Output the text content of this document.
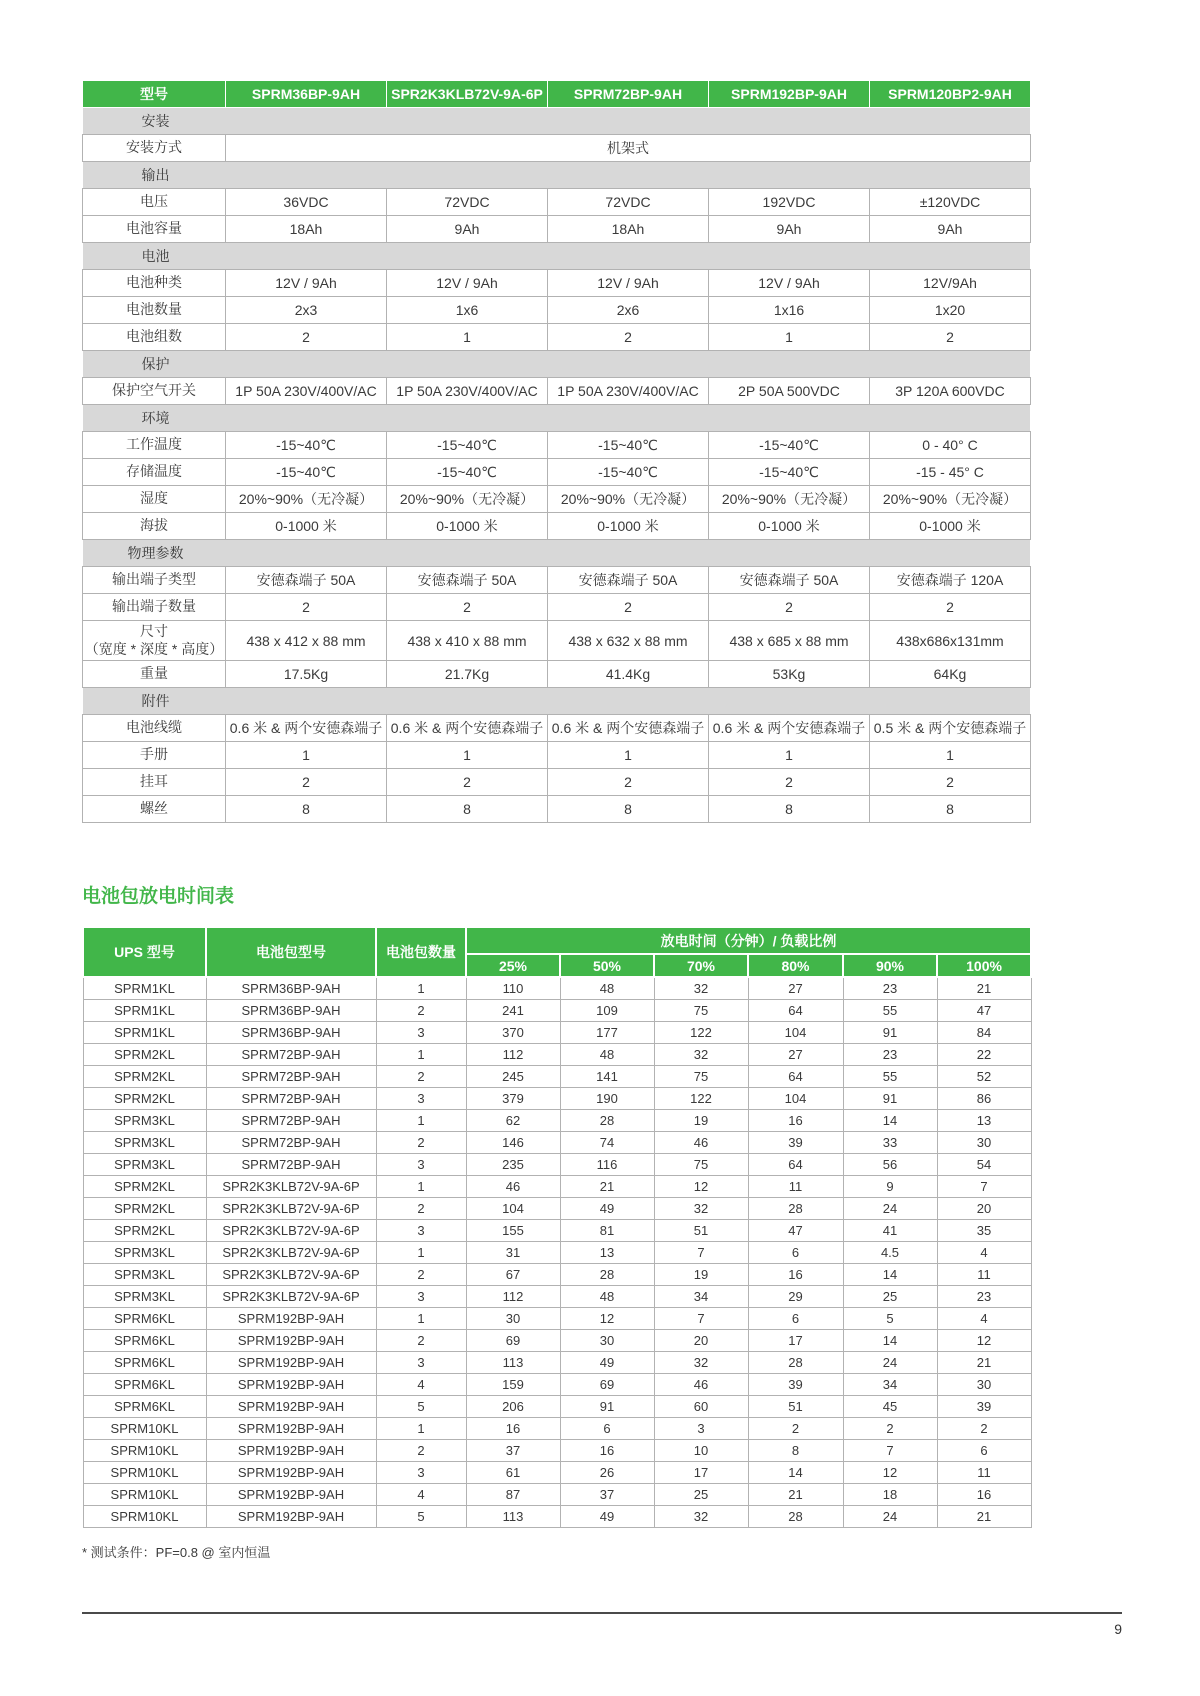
型号	SPRM36BP-9AH	SPR2K3KLB72V-9A-6P	SPRM72BP-9AH	SPRM192BP-9AH	SPRM120BP2-9AH
安装					
安装方式	机架式				
输出					
电压	36VDC	72VDC	72VDC	192VDC	±120VDC
电池容量	18Ah	9Ah	18Ah	9Ah	9Ah
电池					
电池种类	12V / 9Ah	12V / 9Ah	12V / 9Ah	12V / 9Ah	12V/9Ah
电池数量	2x3	1x6	2x6	1x16	1x20
电池组数	2	1	2	1	2
保护					
保护空气开关	1P 50A 230V/400V/AC	1P 50A 230V/400V/AC	1P 50A 230V/400V/AC	2P 50A 500VDC	3P 120A 600VDC
环境					
工作温度	-15~40℃	-15~40℃	-15~40℃	-15~40℃	0 - 40° C
存储温度	-15~40℃	-15~40℃	-15~40℃	-15~40℃	-15 - 45° C
湿度	20%~90%（无冷凝）	20%~90%（无冷凝）	20%~90%（无冷凝）	20%~90%（无冷凝）	20%~90%（无冷凝）
海拔	0-1000 米	0-1000 米	0-1000 米	0-1000 米	0-1000 米
物理参数					
输出端子类型	安德森端子 50A	安德森端子 50A	安德森端子 50A	安德森端子 50A	安德森端子 120A
输出端子数量	2	2	2	2	2
尺寸
（宽度 * 深度 * 高度）	438 x 412 x 88 mm	438 x 410 x 88 mm	438 x 632 x 88 mm	438 x 685 x 88 mm	438x686x131mm
重量	17.5Kg	21.7Kg	41.4Kg	53Kg	64Kg
附件					
电池线缆	0.6 米 & 两个安德森端子	0.6 米 & 两个安德森端子	0.6 米 & 两个安德森端子	0.6 米 & 两个安德森端子	0.5 米 & 两个安德森端子
手册	1	1	1	1	1
挂耳	2	2	2	2	2
螺丝	8	8	8	8	8
电池包放电时间表
UPS 型号	电池包型号	电池包数量	放电时间（分钟）/ 负载比例					
			25%	50%	70%	80%	90%	100%
SPRM1KL	SPRM36BP-9AH	1	110	48	32	27	23	21
SPRM1KL	SPRM36BP-9AH	2	241	109	75	64	55	47
SPRM1KL	SPRM36BP-9AH	3	370	177	122	104	91	84
SPRM2KL	SPRM72BP-9AH	1	112	48	32	27	23	22
SPRM2KL	SPRM72BP-9AH	2	245	141	75	64	55	52
SPRM2KL	SPRM72BP-9AH	3	379	190	122	104	91	86
SPRM3KL	SPRM72BP-9AH	1	62	28	19	16	14	13
SPRM3KL	SPRM72BP-9AH	2	146	74	46	39	33	30
SPRM3KL	SPRM72BP-9AH	3	235	116	75	64	56	54
SPRM2KL	SPR2K3KLB72V-9A-6P	1	46	21	12	11	9	7
SPRM2KL	SPR2K3KLB72V-9A-6P	2	104	49	32	28	24	20
SPRM2KL	SPR2K3KLB72V-9A-6P	3	155	81	51	47	41	35
SPRM3KL	SPR2K3KLB72V-9A-6P	1	31	13	7	6	4.5	4
SPRM3KL	SPR2K3KLB72V-9A-6P	2	67	28	19	16	14	11
SPRM3KL	SPR2K3KLB72V-9A-6P	3	112	48	34	29	25	23
SPRM6KL	SPRM192BP-9AH	1	30	12	7	6	5	4
SPRM6KL	SPRM192BP-9AH	2	69	30	20	17	14	12
SPRM6KL	SPRM192BP-9AH	3	113	49	32	28	24	21
SPRM6KL	SPRM192BP-9AH	4	159	69	46	39	34	30
SPRM6KL	SPRM192BP-9AH	5	206	91	60	51	45	39
SPRM10KL	SPRM192BP-9AH	1	16	6	3	2	2	2
SPRM10KL	SPRM192BP-9AH	2	37	16	10	8	7	6
SPRM10KL	SPRM192BP-9AH	3	61	26	17	14	12	11
SPRM10KL	SPRM192BP-9AH	4	87	37	25	21	18	16
SPRM10KL	SPRM192BP-9AH	5	113	49	32	28	24	21

* 测试条件：PF=0.8 @ 室内恒温

9
